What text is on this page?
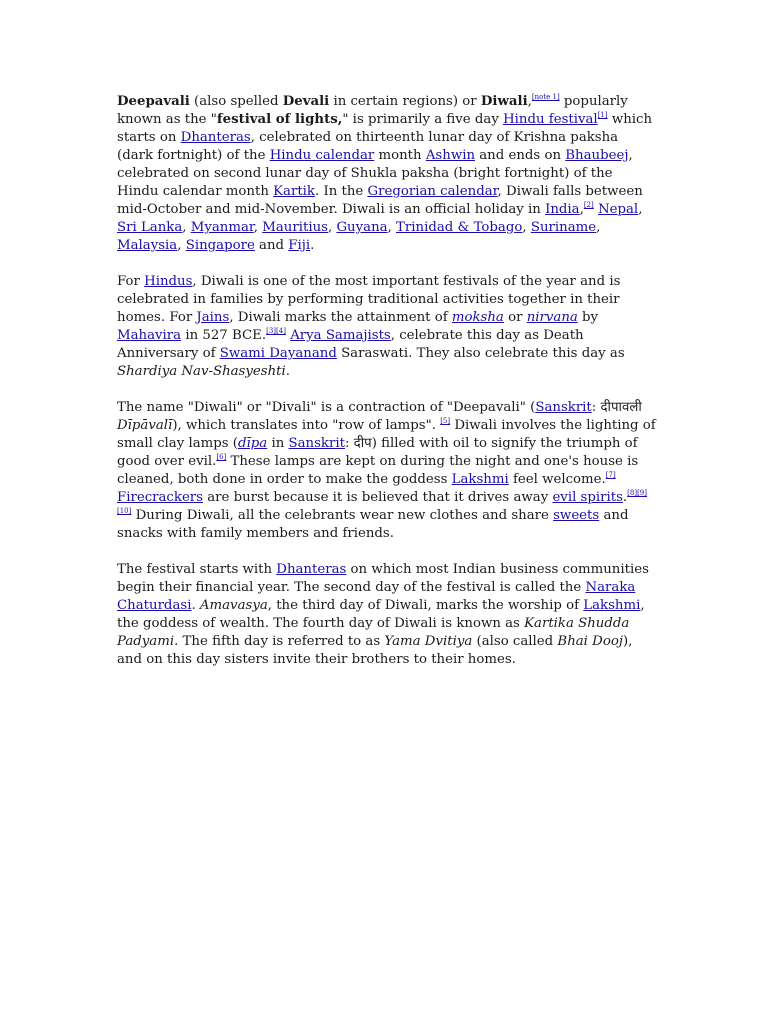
Deepavali (also spelled Devali in certain regions) or Diwali,[note 1] popularly known as the "festival of lights," is primarily a five day Hindu festival[1] which starts on Dhanteras, celebrated on thirteenth lunar day of Krishna paksha (dark fortnight) of the Hindu calendar month Ashwin and ends on Bhaubeej, celebrated on second lunar day of Shukla paksha (bright fortnight) of the Hindu calendar month Kartik. In the Gregorian calendar, Diwali falls between mid-October and mid-November. Diwali is an official holiday in India,[2] Nepal, Sri Lanka, Myanmar, Mauritius, Guyana, Trinidad & Tobago, Suriname, Malaysia, Singapore and Fiji.

For Hindus, Diwali is one of the most important festivals of the year and is celebrated in families by performing traditional activities together in their homes. For Jains, Diwali marks the attainment of moksha or nirvana by Mahavira in 527 BCE.[3][4] Arya Samajists, celebrate this day as Death Anniversary of Swami Dayanand Saraswati. They also celebrate this day as Shardiya Nav-Shasyeshti.

The name "Diwali" or "Divali" is a contraction of "Deepavali" (Sanskrit: दीपावली Dīpāvalī), which translates into "row of lamps". [5] Diwali involves the lighting of small clay lamps (dīpa in Sanskrit: दीप) filled with oil to signify the triumph of good over evil.[6] These lamps are kept on during the night and one's house is cleaned, both done in order to make the goddess Lakshmi feel welcome.[7] Firecrackers are burst because it is believed that it drives away evil spirits.[8][9][10] During Diwali, all the celebrants wear new clothes and share sweets and snacks with family members and friends.

The festival starts with Dhanteras on which most Indian business communities begin their financial year. The second day of the festival is called the Naraka Chaturdasi. Amavasya, the third day of Diwali, marks the worship of Lakshmi, the goddess of wealth. The fourth day of Diwali is known as Kartika Shudda Padyami. The fifth day is referred to as Yama Dvitiya (also called Bhai Dooj), and on this day sisters invite their brothers to their homes.
